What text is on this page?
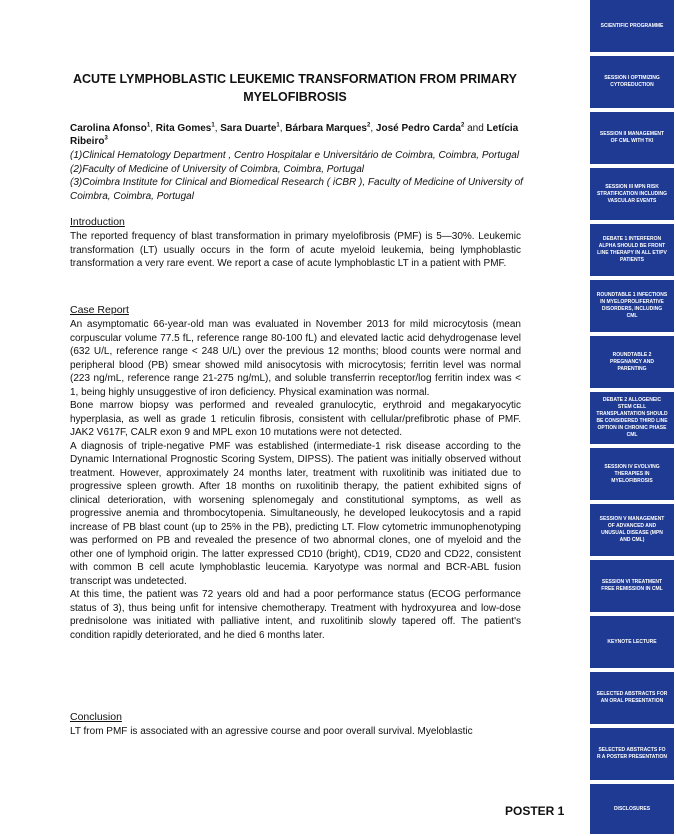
ACUTE LYMPHOBLASTIC LEUKEMIC TRANSFORMATION FROM PRIMARY MYELOFIBROSIS
Carolina Afonso$^1$, Rita Gomes$^1$, Sara Duarte$^1$, Bárbara Marques$^2$, José Pedro Carda$^2$ and Letícia Ribeiro$^3$
(1)Clinical Hematology Department , Centro Hospitalar e Universitário de Coimbra, Coimbra, Portugal
(2)Faculty of Medicine of University of Coimbra, Coimbra, Portugal
(3)Coimbra Institute for Clinical and Biomedical Research ( iCBR ), Faculty of Medicine of University of Coimbra, Coimbra, Portugal
Introduction

The reported frequency of blast transformation in primary myelofibrosis (PMF) is 5—30%. Leukemic transformation (LT) usually occurs in the form of acute myeloid leukemia, being lymphoblastic transformation a very rare event. We report a case of acute lymphoblastic LT in a patient with PMF.

Case Report

An asymptomatic 66-year-old man was evaluated in November 2013 for mild microcytosis (mean corpuscular volume 77.5 fL, reference range 80-100 fL) and elevated lactic acid dehydrogenase level (632 U/L, reference range < 248 U/L) over the previous 12 months; blood counts were normal and peripheral blood (PB) smear showed mild anisocytosis with microcytosis; ferritin level was normal (223 ng/mL, reference range 21-275 ng/mL), and soluble transferrin receptor/log ferritin index was < 1, being highly unsuggestive of iron deficiency. Physical examination was normal.

Bone marrow biopsy was performed and revealed granulocytic, erythroid and megakaryocytic hyperplasia, as well as grade 1 reticulin fibrosis, consistent with cellular/prefibrotic phase of PMF. JAK2 V617F, CALR exon 9 and MPL exon 10 mutations were not detected.

A diagnosis of triple-negative PMF was established (intermediate-1 risk disease according to the Dynamic International Prognostic Scoring System, DIPSS). The patient was initially observed without treatment. However, approximately 24 months later, treatment with ruxolitinib was initiated due to progressive spleen growth. After 18 months on ruxolitinib therapy, the patient exhibited signs of clinical deterioration, with worsening splenomegaly and constitutional symptoms, as well as progressive anemia and thrombocytopenia. Simultaneously, he developed leukocytosis and a rapid increase of PB blast count (up to 25% in the PB), predicting LT. Flow cytometric immunophenotyping was performed on PB and revealed the presence of two abnormal clones, one of myeloid and the other one of lymphoid origin. The latter expressed CD10 (bright), CD19, CD20 and CD22, consistent with common B cell acute lymphoblastic leucemia. Karyotype was normal and BCR-ABL fusion transcript was undetected.

At this time, the patient was 72 years old and had a poor performance status (ECOG performance status of 3), thus being unfit for intensive chemotherapy. Treatment with hydroxyurea and low-dose prednisolone was initiated with palliative intent, and ruxolitinib slowly tapered off. The patient's condition rapidly deteriorated, and he died 6 months later.

Conclusion

LT from PMF is associated with an agressive course and poor overall survival. Myeloblastic

POSTER 1
SCIENTIFIC PROGRAMME
SESSION I OPTIMIZING CYTOREDUCTION
SESSION II MANAGEMENT OF CML WITH TKI
SESSION III MPN RISK STRATIFICATION INCLUDING VASCULAR EVENTS
DEBATE 1 INTERFERON ALPHA SHOULD BE FRONT LINE THERAPY IN ALL ET/PV PATIENTS
ROUNDTABLE 1 INFECTIONS IN MYELOPROLIFERATIVE DISORDERS, INCLUDING CML
ROUNDTABLE 2 PREGNANCY AND PARENTING
DEBATE 2 ALLOGENEIC STEM CELL TRANSPLANTATION SHOULD BE CONSIDERED THIRD LINE OPTION IN CHRONIC PHASE CML
SESSION IV EVOLVING THERAPIES IN MYELOFIBROSIS
SESSION V MANAGEMENT OF ADVANCED AND UNUSUAL DISEASE (MPN AND CML)
SESSION VI TREATMENT FREE REMISSION IN CML
KEYNOTE LECTURE
SELECTED ABSTRACTS FOR AN ORAL PRESENTATION
SELECTED ABSTRACTS FO R A POSTER PRESENTATION
DISCLOSURES
